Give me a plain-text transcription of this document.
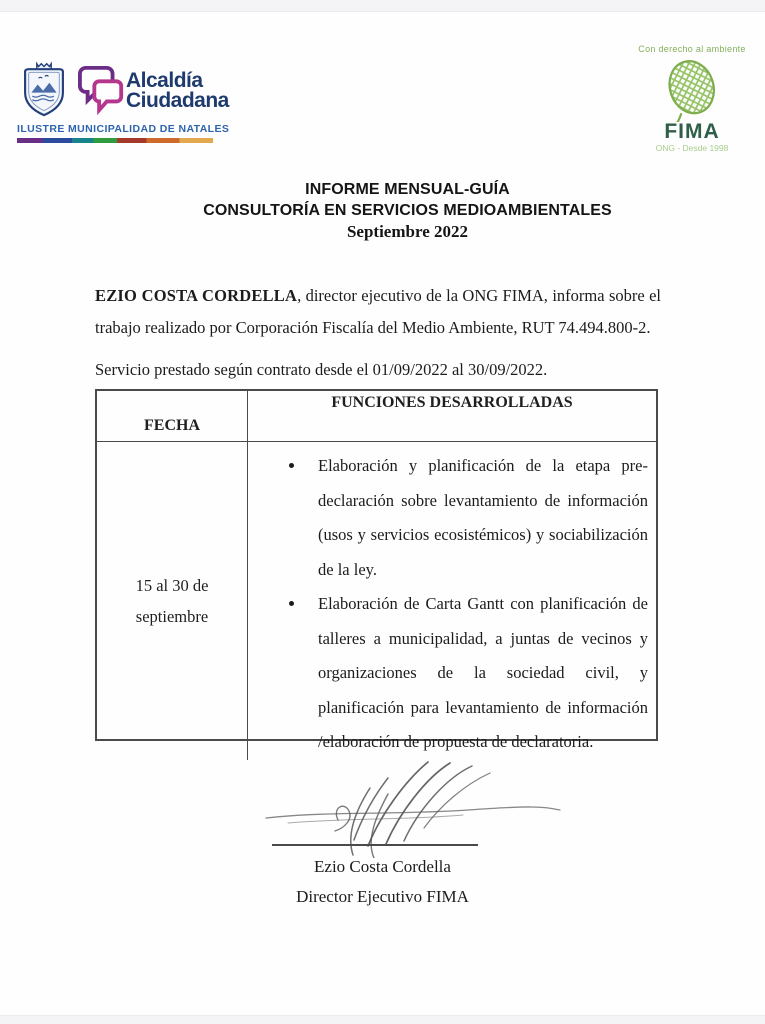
Alcaldía
Ciudadana
ILUSTRE MUNICIPALIDAD DE NATALES
Con derecho al ambiente
FIMA
ONG - Desde 1998
INFORME MENSUAL-GUÍA
CONSULTORÍA EN SERVICIOS MEDIOAMBIENTALES
Septiembre 2022

EZIO COSTA CORDELLA, director ejecutivo de la ONG FIMA, informa sobre el trabajo realizado por Corporación Fiscalía del Medio Ambiente, RUT 74.494.800-2.

Servicio prestado según contrato desde el 01/09/2022 al 30/09/2022.

FECHA
FUNCIONES DESARROLLADAS
15 al 30 de septiembre
• Elaboración y planificación de la etapa pre-declaración sobre levantamiento de información (usos y servicios ecosistémicos) y sociabilización de la ley.
• Elaboración de Carta Gantt con planificación de talleres a municipalidad, a juntas de vecinos y organizaciones de la sociedad civil, y planificación para levantamiento de información /elaboración de propuesta de declaratoria.
Ezio Costa Cordella
Director Ejecutivo FIMA
